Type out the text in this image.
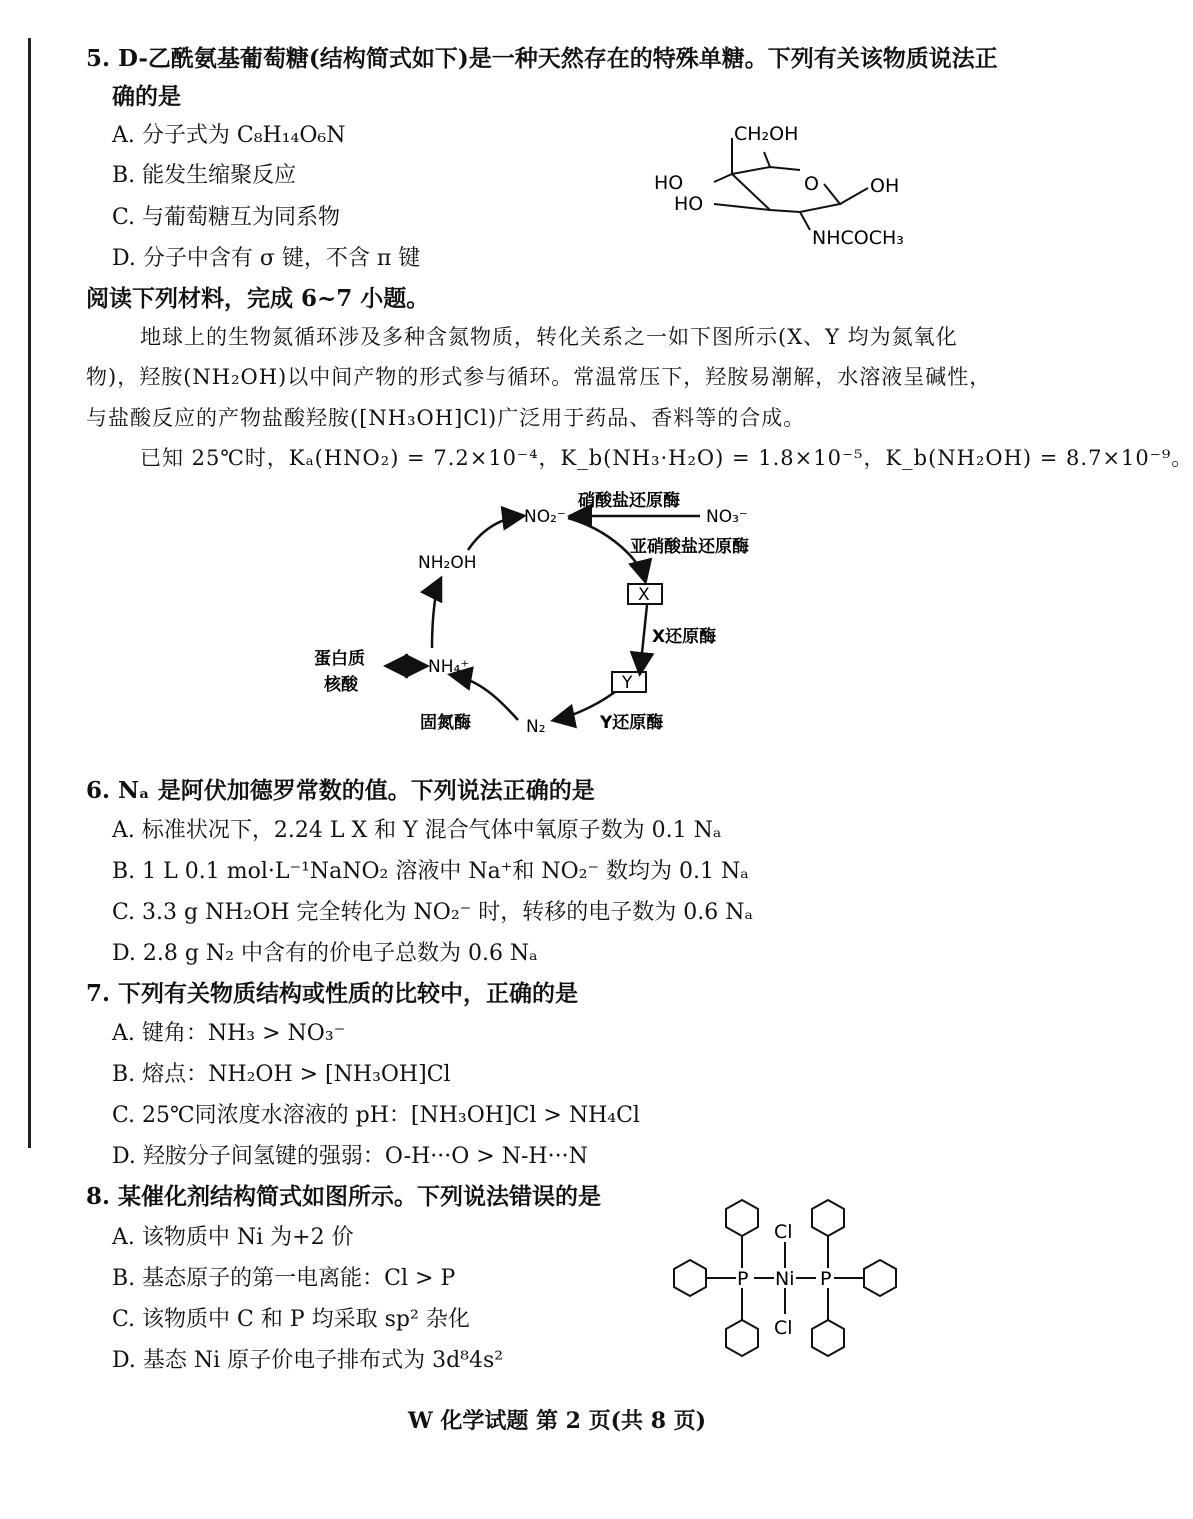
5. D-乙酰氨基葡萄糖(结构简式如下)是一种天然存在的特殊单糖。下列有关该物质说法正
确的是
A. 分子式为 C₈H₁₄O₆N
B. 能发生缩聚反应
C. 与葡萄糖互为同系物
D. 分子中含有 σ 键，不含 π 键
CH₂OH
O
HO
HO
OH
NHCOCH₃
阅读下列材料，完成 6~7 小题。
地球上的生物氮循环涉及多种含氮物质，转化关系之一如下图所示(X、Y 均为氮氧化
物)，羟胺(NH₂OH)以中间产物的形式参与循环。常温常压下，羟胺易潮解，水溶液呈碱性，
与盐酸反应的产物盐酸羟胺([NH₃OH]Cl)广泛用于药品、香料等的合成。
已知 25℃时，Kₐ(HNO₂) = 7.2×10⁻⁴，K_b(NH₃·H₂O) = 1.8×10⁻⁵，K_b(NH₂OH) = 8.7×10⁻⁹。
NO₂⁻	NO₃⁻
硝酸盐还原酶
亚硝酸盐还原酶
X
X还原酶
Y
Y还原酶
N₂
固氮酶
NH₄⁺
蛋白质
核酸
NH₂OH
6. Nₐ 是阿伏加德罗常数的值。下列说法正确的是
A. 标准状况下，2.24 L X 和 Y 混合气体中氧原子数为 0.1 Nₐ
B. 1 L 0.1 mol·L⁻¹NaNO₂ 溶液中 Na⁺和 NO₂⁻ 数均为 0.1 Nₐ
C. 3.3 g NH₂OH 完全转化为 NO₂⁻ 时，转移的电子数为 0.6 Nₐ
D. 2.8 g N₂ 中含有的价电子总数为 0.6 Nₐ
7. 下列有关物质结构或性质的比较中，正确的是
A. 键角：NH₃ > NO₃⁻
B. 熔点：NH₂OH > [NH₃OH]Cl
C. 25℃同浓度水溶液的 pH：[NH₃OH]Cl > NH₄Cl
D. 羟胺分子间氢键的强弱：O-H···O > N-H···N
8. 某催化剂结构简式如图所示。下列说法错误的是
A. 该物质中 Ni 为+2 价
B. 基态原子的第一电离能：Cl > P
C. 该物质中 C 和 P 均采取 sp² 杂化
D. 基态 Ni 原子价电子排布式为 3d⁸4s²
Cl
Cl
Ni
P	P
W 化学试题 第 2 页(共 8 页)
